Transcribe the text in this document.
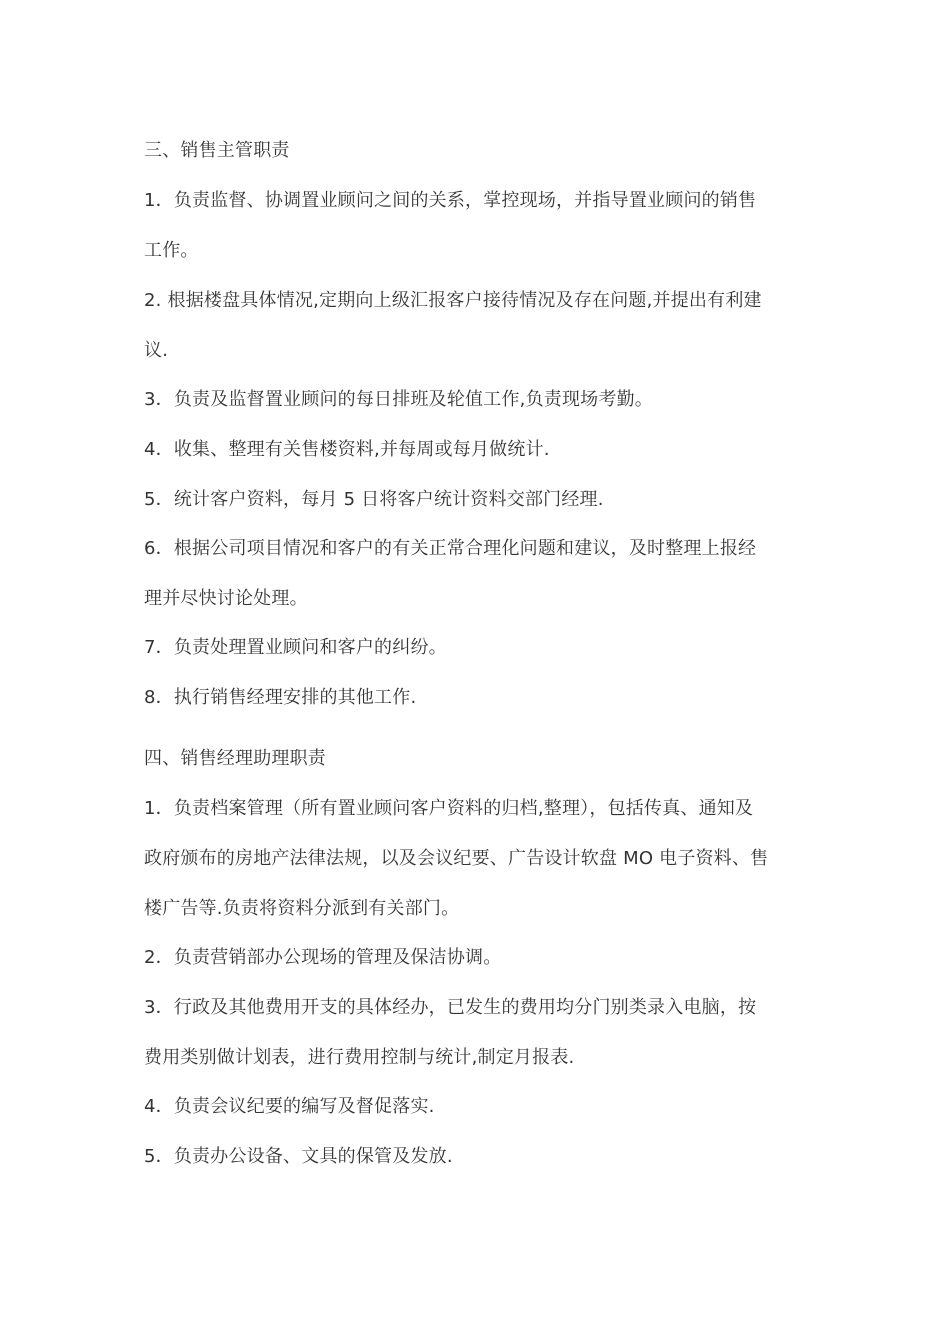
三、销售主管职责
1．负责监督、协调置业顾问之间的关系，掌控现场，并指导置业顾问的销售
工作。
2. 根据楼盘具体情况,定期向上级汇报客户接待情况及存在问题,并提出有利建
议.
3．负责及监督置业顾问的每日排班及轮值工作,负责现场考勤。
4．收集、整理有关售楼资料,并每周或每月做统计.
5．统计客户资料，每月 5 日将客户统计资料交部门经理.
6．根据公司项目情况和客户的有关正常合理化问题和建议，及时整理上报经
理并尽快讨论处理。
7．负责处理置业顾问和客户的纠纷。
8．执行销售经理安排的其他工作.
四、销售经理助理职责
1．负责档案管理（所有置业顾问客户资料的归档,整理），包括传真、通知及
政府颁布的房地产法律法规，以及会议纪要、广告设计软盘 MO 电子资料、售
楼广告等.负责将资料分派到有关部门。
2．负责营销部办公现场的管理及保洁协调。
3．行政及其他费用开支的具体经办，已发生的费用均分门别类录入电脑，按
费用类别做计划表，进行费用控制与统计,制定月报表.
4．负责会议纪要的编写及督促落实.
5．负责办公设备、文具的保管及发放.
